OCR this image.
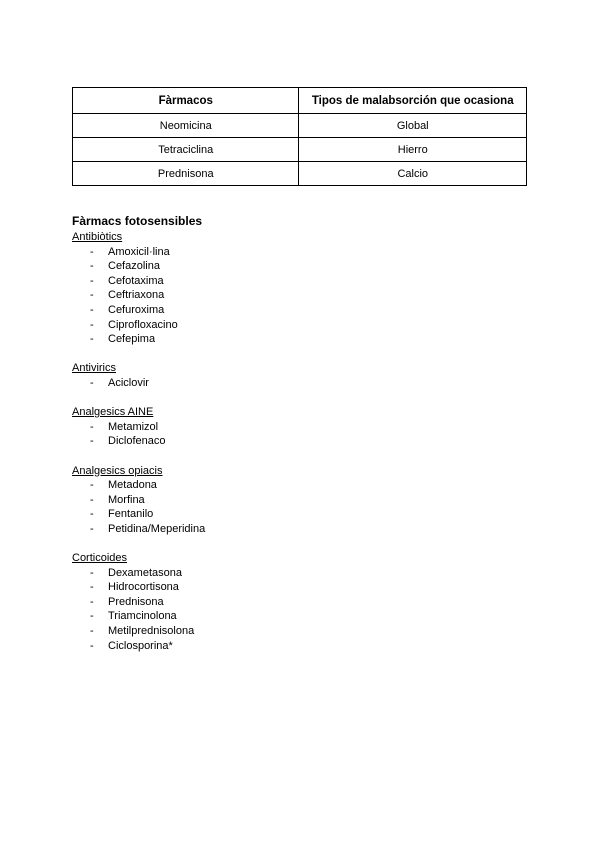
Fàrmacos	Tipos de malabsorción que ocasiona
Neomicina	Global
Tetraciclina	Hierro
Prednisona	Calcio
Fàrmacs fotosensibles
Antibiòtics
- Amoxicil·lina
- Cefazolina
- Cefotaxima
- Ceftriaxona
- Cefuroxima
- Ciprofloxacino
- Cefepima
Antivirics
- Aciclovir
Analgesics AINE
- Metamizol
- Diclofenaco
Analgesics opiacis
- Metadona
- Morfina
- Fentanilo
- Petidina/Meperidina
Corticoides
- Dexametasona
- Hidrocortisona
- Prednisona
- Triamcinolona
- Metilprednisolona
- Ciclosporina*
